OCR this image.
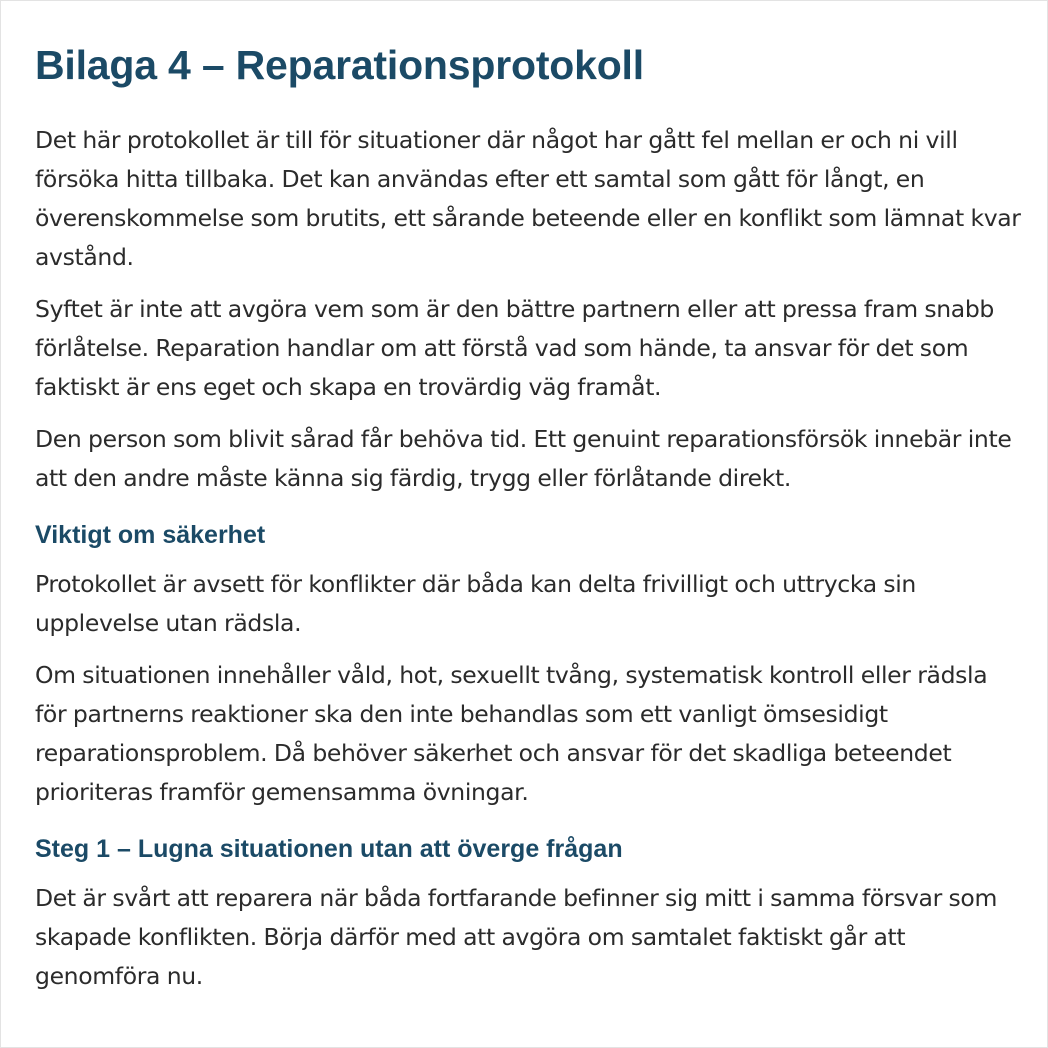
Bilaga 4 – Reparationsprotokoll

Det här protokollet är till för situationer där något har gått fel mellan er och ni vill försöka hitta tillbaka. Det kan användas efter ett samtal som gått för långt, en överenskommelse som brutits, ett sårande beteende eller en konflikt som lämnat kvar avstånd.

Syftet är inte att avgöra vem som är den bättre partnern eller att pressa fram snabb förlåtelse. Reparation handlar om att förstå vad som hände, ta ansvar för det som faktiskt är ens eget och skapa en trovärdig väg framåt.

Den person som blivit sårad får behöva tid. Ett genuint reparationsförsök innebär inte att den andre måste känna sig färdig, trygg eller förlåtande direkt.

Viktigt om säkerhet

Protokollet är avsett för konflikter där båda kan delta frivilligt och uttrycka sin upplevelse utan rädsla.

Om situationen innehåller våld, hot, sexuellt tvång, systematisk kontroll eller rädsla för partnerns reaktioner ska den inte behandlas som ett vanligt ömsesidigt reparationsproblem. Då behöver säkerhet och ansvar för det skadliga beteendet prioriteras framför gemensamma övningar.

Steg 1 – Lugna situationen utan att överge frågan

Det är svårt att reparera när båda fortfarande befinner sig mitt i samma försvar som skapade konflikten. Börja därför med att avgöra om samtalet faktiskt går att genomföra nu.
